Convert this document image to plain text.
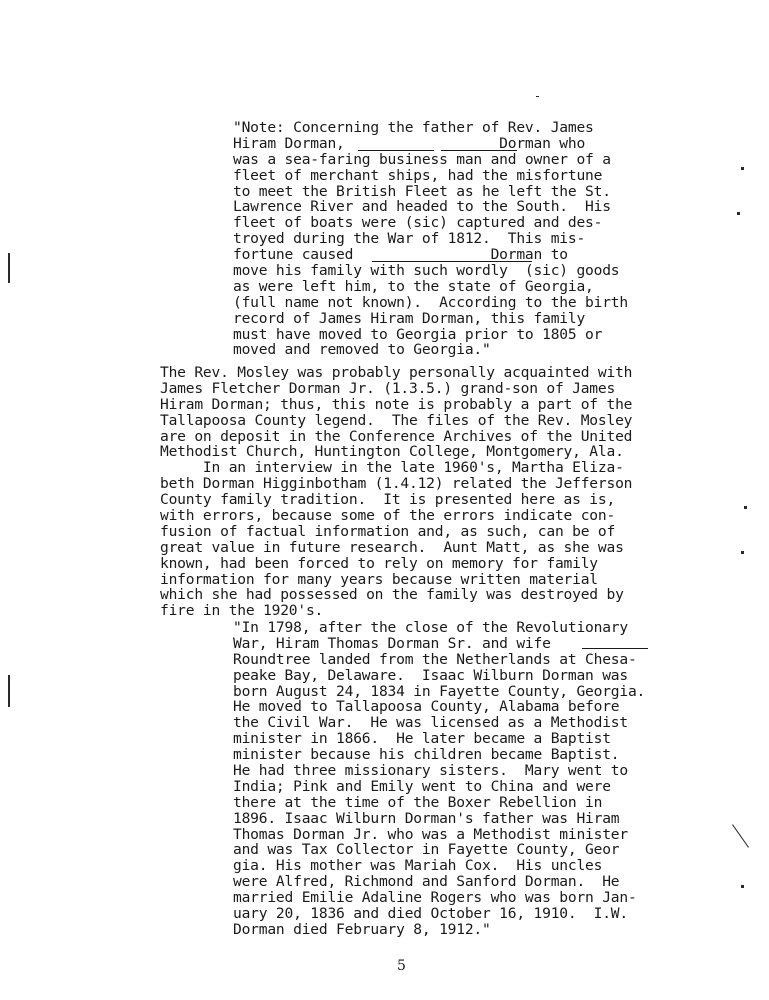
"Note: Concerning the father of Rev. James
Hiram Dorman,                  Dorman who
was a sea-faring business man and owner of a
fleet of merchant ships, had the misfortune
to meet the British Fleet as he left the St.
Lawrence River and headed to the South.  His
fleet of boats were (sic) captured and des-
troyed during the War of 1812.  This mis-
fortune caused                Dorman to
move his family with such wordly  (sic) goods
as were left him, to the state of Georgia,
(full name not known).  According to the birth
record of James Hiram Dorman, this family
must have moved to Georgia prior to 1805 or
moved and removed to Georgia."
The Rev. Mosley was probably personally acquainted with
James Fletcher Dorman Jr. (1.3.5.) grand-son of James
Hiram Dorman; thus, this note is probably a part of the
Tallapoosa County legend.  The files of the Rev. Mosley
are on deposit in the Conference Archives of the United
Methodist Church, Huntington College, Montgomery, Ala.
In an interview in the late 1960's, Martha Eliza-
beth Dorman Higginbotham (1.4.12) related the Jefferson
County family tradition.  It is presented here as is,
with errors, because some of the errors indicate con-
fusion of factual information and, as such, can be of
great value in future research.  Aunt Matt, as she was
known, had been forced to rely on memory for family
information for many years because written material
which she had possessed on the family was destroyed by
fire in the 1920's.
"In 1798, after the close of the Revolutionary
War, Hiram Thomas Dorman Sr. and wife
Roundtree landed from the Netherlands at Chesa-
peake Bay, Delaware.  Isaac Wilburn Dorman was
born August 24, 1834 in Fayette County, Georgia.
He moved to Tallapoosa County, Alabama before
the Civil War.  He was licensed as a Methodist
minister in 1866.  He later became a Baptist
minister because his children became Baptist.
He had three missionary sisters.  Mary went to
India; Pink and Emily went to China and were
there at the time of the Boxer Rebellion in
1896. Isaac Wilburn Dorman's father was Hiram
Thomas Dorman Jr. who was a Methodist minister
and was Tax Collector in Fayette County, Geor
gia. His mother was Mariah Cox.  His uncles
were Alfred, Richmond and Sanford Dorman.  He
married Emilie Adaline Rogers who was born Jan-
uary 20, 1836 and died October 16, 1910.  I.W.
Dorman died February 8, 1912."
5
